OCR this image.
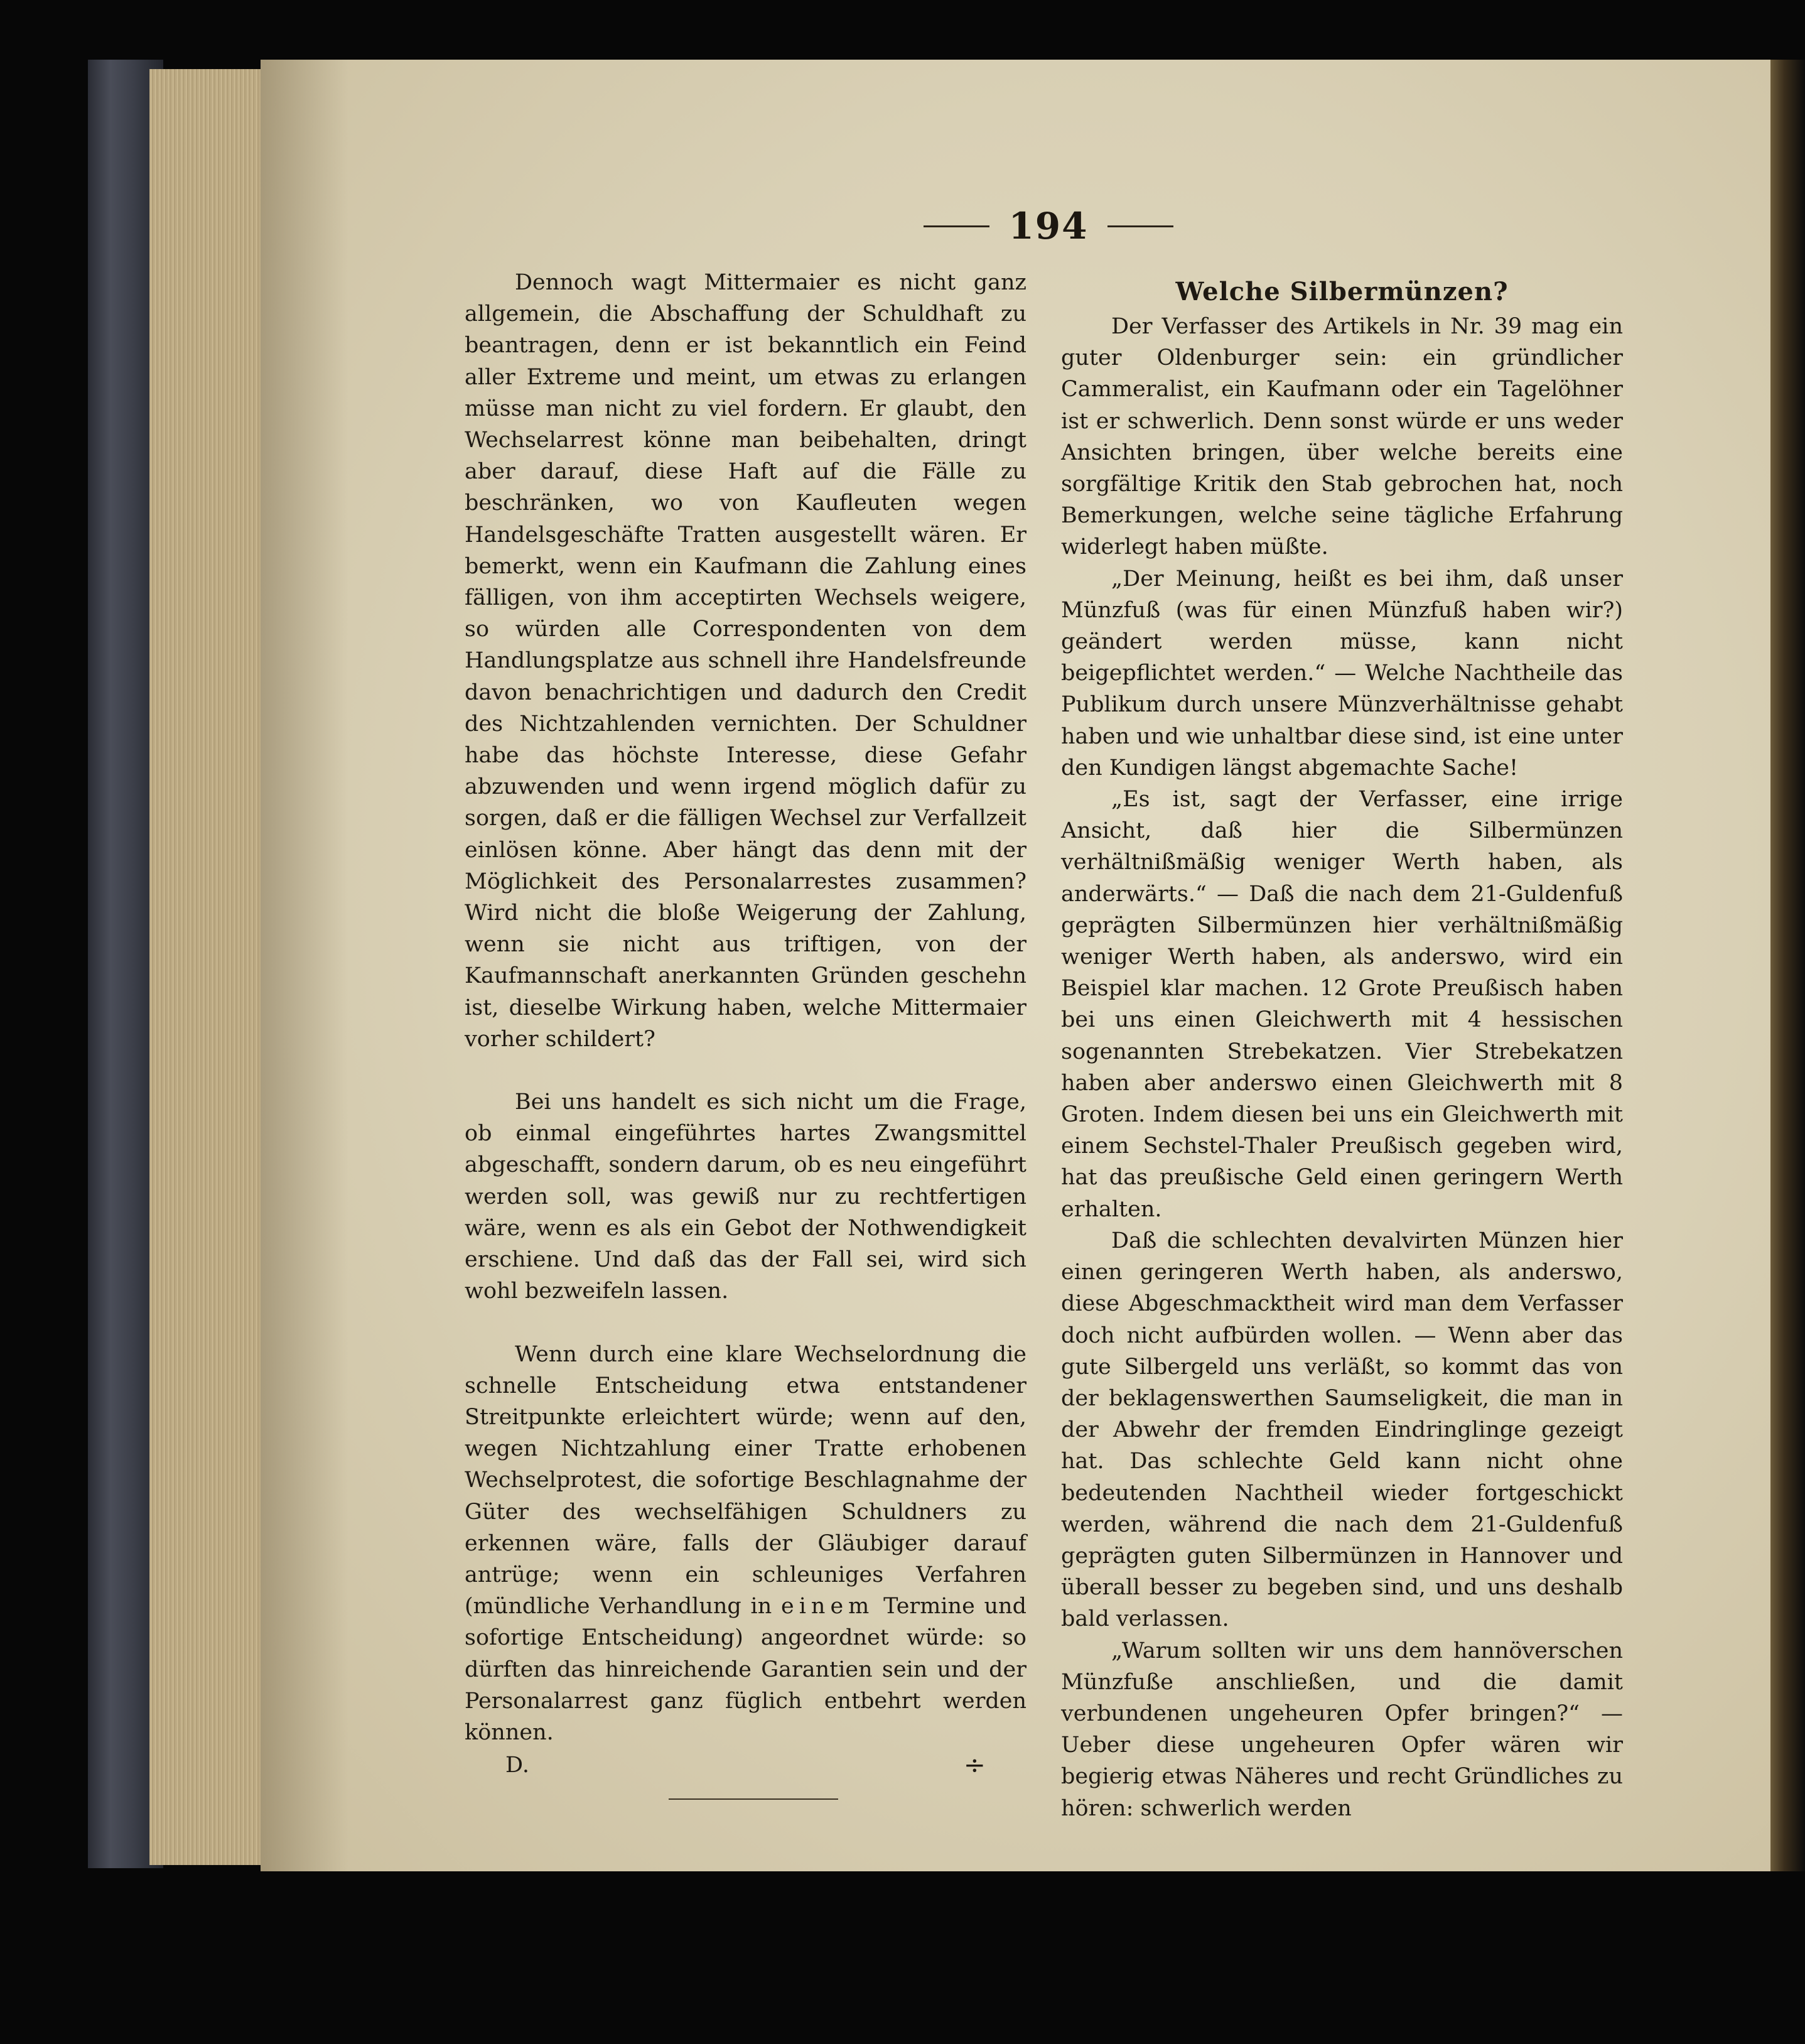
194

Dennoch wagt Mittermaier es nicht ganz allgemein, die Abschaffung der Schuldhaft zu beantragen, denn er ist bekanntlich ein Feind aller Extreme und meint, um etwas zu erlangen müsse man nicht zu viel fordern. Er glaubt, den Wechselarrest könne man beibehalten, dringt aber darauf, diese Haft auf die Fälle zu beschränken, wo von Kaufleuten wegen Handelsgeschäfte Tratten ausgestellt wären. Er bemerkt, wenn ein Kaufmann die Zahlung eines fälligen, von ihm acceptirten Wechsels weigere, so würden alle Correspondenten von dem Handlungsplatze aus schnell ihre Handelsfreunde davon benachrichtigen und dadurch den Credit des Nichtzahlenden vernichten. Der Schuldner habe das höchste Interesse, diese Gefahr abzuwenden und wenn irgend möglich dafür zu sorgen, daß er die fälligen Wechsel zur Verfallzeit einlösen könne. Aber hängt das denn mit der Möglichkeit des Personalarrestes zusammen? Wird nicht die bloße Weigerung der Zahlung, wenn sie nicht aus triftigen, von der Kaufmannschaft anerkannten Gründen geschehn ist, dieselbe Wirkung haben, welche Mittermaier vorher schildert?

Bei uns handelt es sich nicht um die Frage, ob einmal eingeführtes hartes Zwangsmittel abgeschafft, sondern darum, ob es neu eingeführt werden soll, was gewiß nur zu rechtfertigen wäre, wenn es als ein Gebot der Nothwendigkeit erschiene. Und daß das der Fall sei, wird sich wohl bezweifeln lassen.

Wenn durch eine klare Wechselordnung die schnelle Entscheidung etwa entstandener Streitpunkte erleichtert würde; wenn auf den, wegen Nichtzahlung einer Tratte erhobenen Wechselprotest, die sofortige Beschlagnahme der Güter des wechselfähigen Schuldners zu erkennen wäre, falls der Gläubiger darauf antrüge; wenn ein schleuniges Verfahren (mündliche Verhandlung in einem Termine und sofortige Entscheidung) angeordnet würde: so dürften das hinreichende Garantien sein und der Personalarrest ganz füglich entbehrt werden können.

D.	÷
Welche Silbermünzen?

Der Verfasser des Artikels in Nr. 39 mag ein guter Oldenburger sein: ein gründlicher Cammeralist, ein Kaufmann oder ein Tagelöhner ist er schwerlich. Denn sonst würde er uns weder Ansichten bringen, über welche bereits eine sorgfältige Kritik den Stab gebrochen hat, noch Bemerkungen, welche seine tägliche Erfahrung widerlegt haben müßte.

„Der Meinung, heißt es bei ihm, daß unser Münzfuß (was für einen Münzfuß haben wir?) geändert werden müsse, kann nicht beigepflichtet werden.“ — Welche Nachtheile das Publikum durch unsere Münzverhältnisse gehabt haben und wie unhaltbar diese sind, ist eine unter den Kundigen längst abgemachte Sache!

„Es ist, sagt der Verfasser, eine irrige Ansicht, daß hier die Silbermünzen verhältnißmäßig weniger Werth haben, als anderwärts.“ — Daß die nach dem 21-Guldenfuß geprägten Silbermünzen hier verhältnißmäßig weniger Werth haben, als anderswo, wird ein Beispiel klar machen. 12 Grote Preußisch haben bei uns einen Gleichwerth mit 4 hessischen sogenannten Strebekatzen. Vier Strebekatzen haben aber anderswo einen Gleichwerth mit 8 Groten. Indem diesen bei uns ein Gleichwerth mit einem Sechstel-Thaler Preußisch gegeben wird, hat das preußische Geld einen geringern Werth erhalten.

Daß die schlechten devalvirten Münzen hier einen geringeren Werth haben, als anderswo, diese Abgeschmacktheit wird man dem Verfasser doch nicht aufbürden wollen. — Wenn aber das gute Silbergeld uns verläßt, so kommt das von der beklagenswerthen Saumseligkeit, die man in der Abwehr der fremden Eindringlinge gezeigt hat. Das schlechte Geld kann nicht ohne bedeutenden Nachtheil wieder fortgeschickt werden, während die nach dem 21-Guldenfuß geprägten guten Silbermünzen in Hannover und überall besser zu begeben sind, und uns deshalb bald verlassen.

„Warum sollten wir uns dem hannöverschen Münzfuße anschließen, und die damit verbundenen ungeheuren Opfer bringen?“ — Ueber diese ungeheuren Opfer wären wir begierig etwas Näheres und recht Gründliches zu hören: schwerlich werden
